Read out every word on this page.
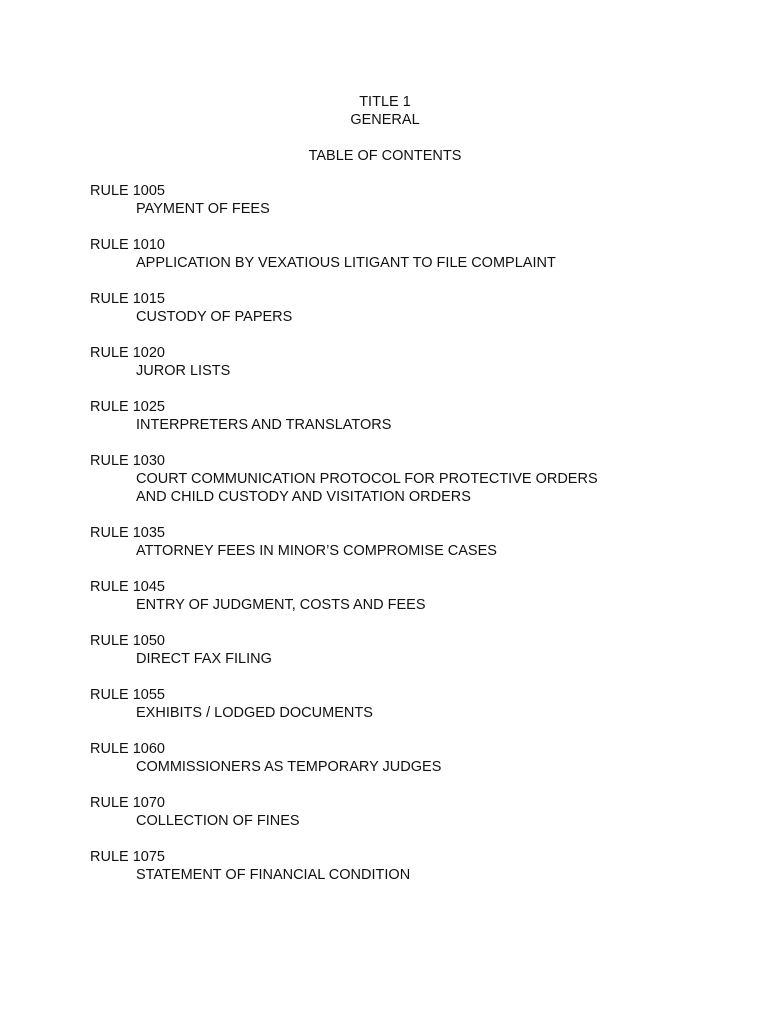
TITLE 1
GENERAL
TABLE OF CONTENTS
RULE 1005
PAYMENT OF FEES
RULE 1010
APPLICATION BY VEXATIOUS LITIGANT TO FILE COMPLAINT
RULE 1015
CUSTODY OF PAPERS
RULE 1020
JUROR LISTS
RULE 1025
INTERPRETERS AND TRANSLATORS
RULE 1030
COURT COMMUNICATION PROTOCOL FOR PROTECTIVE ORDERS
AND CHILD CUSTODY AND VISITATION ORDERS
RULE 1035
ATTORNEY FEES IN MINOR’S COMPROMISE CASES
RULE 1045
ENTRY OF JUDGMENT, COSTS AND FEES
RULE 1050
DIRECT FAX FILING
RULE 1055
EXHIBITS / LODGED DOCUMENTS
RULE 1060
COMMISSIONERS AS TEMPORARY JUDGES
RULE 1070
COLLECTION OF FINES
RULE 1075
STATEMENT OF FINANCIAL CONDITION
